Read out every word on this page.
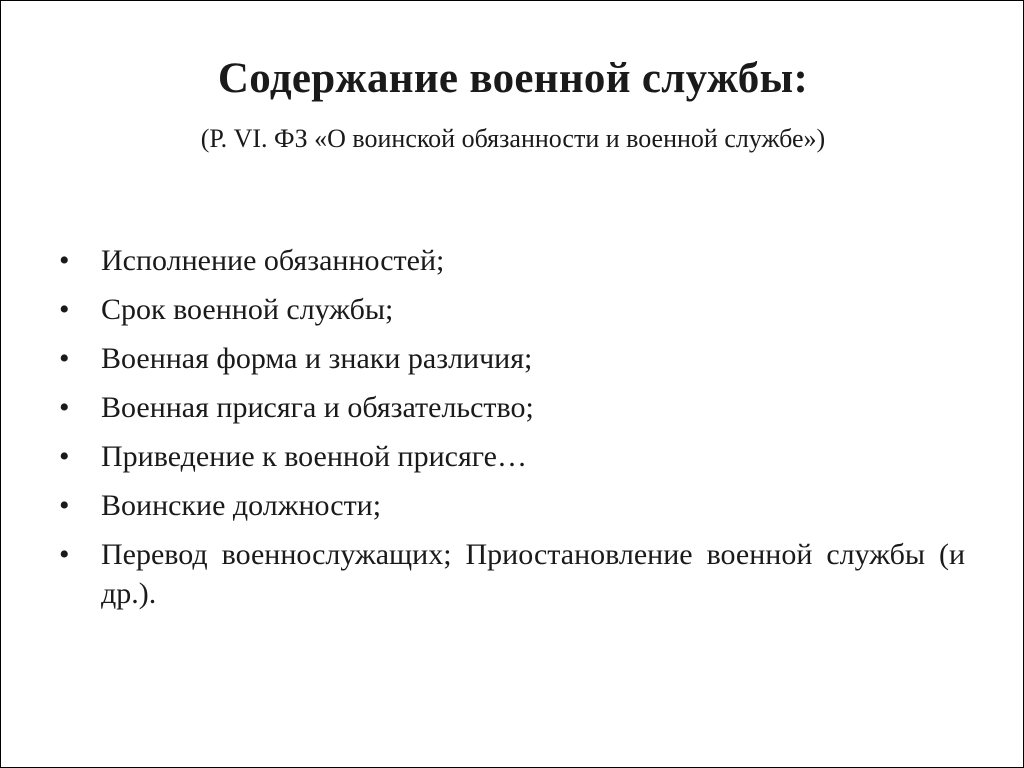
Содержание военной службы:
(Р. VI. ФЗ «О воинской обязанности и военной службе»)
•	Исполнение обязанностей;
•	Срок военной службы;
•	Военная форма и знаки различия;
•	Военная присяга и обязательство;
•	Приведение к военной присяге…
•	Воинские должности;
•	Перевод военнослужащих; Приостановление военной службы (и др.).
